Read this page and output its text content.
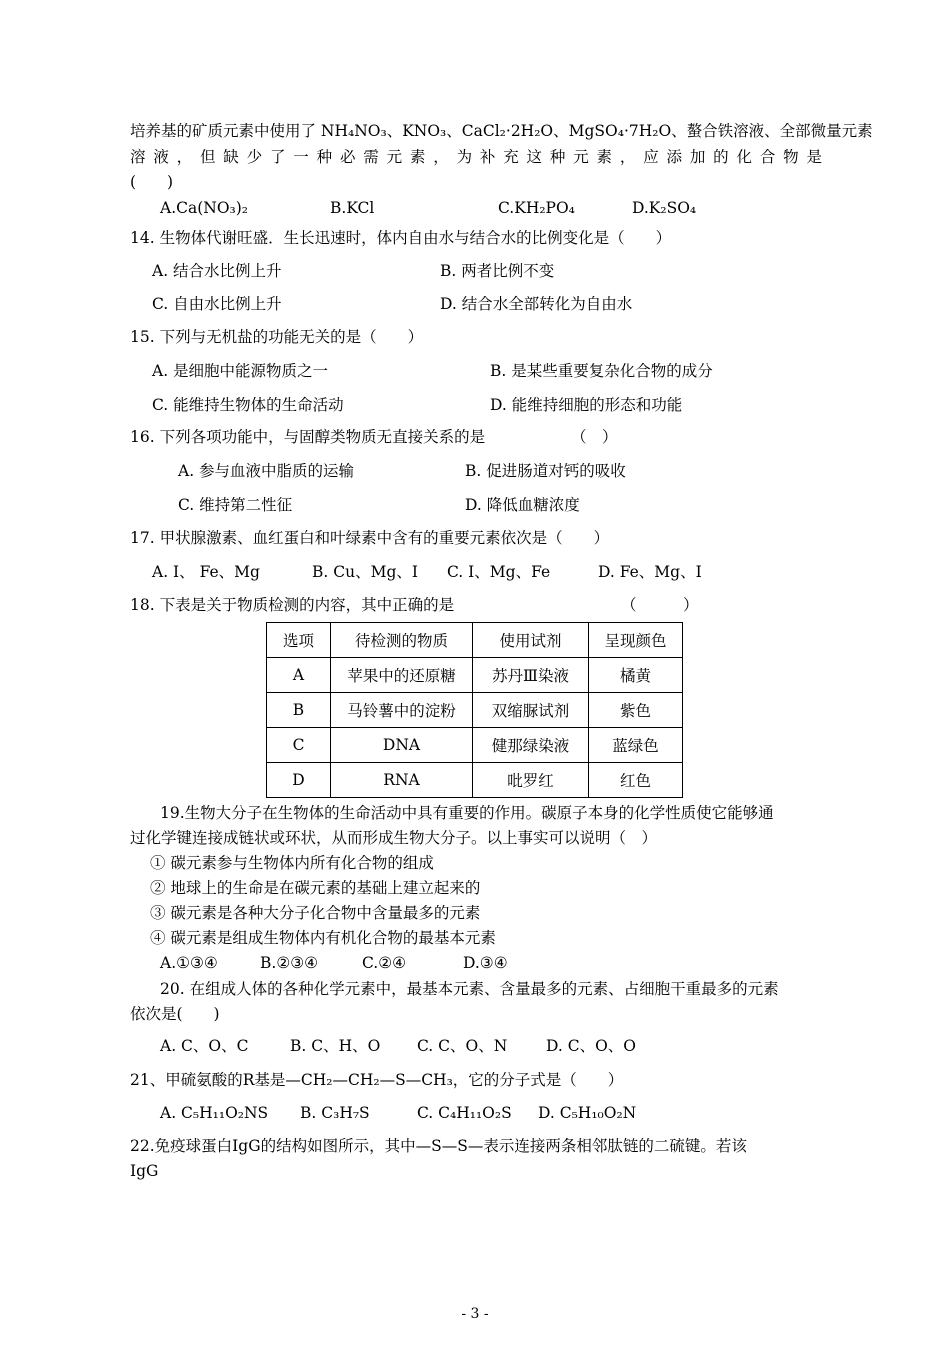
培养基的矿质元素中使用了 NH₄NO₃、KNO₃、CaCl₂·2H₂O、MgSO₄·7H₂O、螯合铁溶液、全部微量元素
溶液，但缺少了一种必需元素，为补充这种元素，应添加的化合物是
(　　)
A.Ca(NO₃)₂	B.KCl	C.KH₂PO₄	D.K₂SO₄
14. 生物体代谢旺盛．生长迅速时，体内自由水与结合水的比例变化是（　　）
A. 结合水比例上升	B. 两者比例不变
C. 自由水比例上升	D. 结合水全部转化为自由水
15. 下列与无机盐的功能无关的是（　　）
A. 是细胞中能源物质之一	B. 是某些重要复杂化合物的成分
C. 能维持生物体的生命活动	D. 能维持细胞的形态和功能
16. 下列各项功能中，与固醇类物质无直接关系的是	（　）
A. 参与血液中脂质的运输	B. 促进肠道对钙的吸收
C. 维持第二性征	D. 降低血糖浓度
17. 甲状腺激素、血红蛋白和叶绿素中含有的重要元素依次是（　　）
A. I、 Fe、Mg	B. Cu、Mg、I C. I、Mg、Fe	D. Fe、Mg、I
18. 下表是关于物质检测的内容，其中正确的是	（　　　）
选项	待检测的物质	使用试剂	呈现颜色
A	苹果中的还原糖	苏丹Ⅲ染液	橘黄
B	马铃薯中的淀粉	双缩脲试剂	紫色
C	DNA	健那绿染液	蓝绿色
D	RNA	吡罗红	红色
19.生物大分子在生物体的生命活动中具有重要的作用。碳原子本身的化学性质使它能够通
过化学键连接成链状或环状，从而形成生物大分子。以上事实可以说明（　）
① 碳元素参与生物体内所有化合物的组成
② 地球上的生命是在碳元素的基础上建立起来的
③ 碳元素是各种大分子化合物中含量最多的元素
④ 碳元素是组成生物体内有机化合物的最基本元素
A.①③④	B.②③④	C.②④	D.③④
20. 在组成人体的各种化学元素中，最基本元素、含量最多的元素、占细胞干重最多的元素
依次是(　　)
A. C、O、C	B. C、H、O C. C、O、N D. C、O、O
21、甲硫氨酸的R基是—CH₂—CH₂—S—CH₃，它的分子式是（　　）
A. C₅H₁₁O₂NS B. C₃H₇S	C. C₄H₁₁O₂S D. C₅H₁₀O₂N
22.免疫球蛋白ⅠgG的结构如图所示，其中—S—S—表示连接两条相邻肽链的二硫键。若该
ⅠgG
- 3 -
